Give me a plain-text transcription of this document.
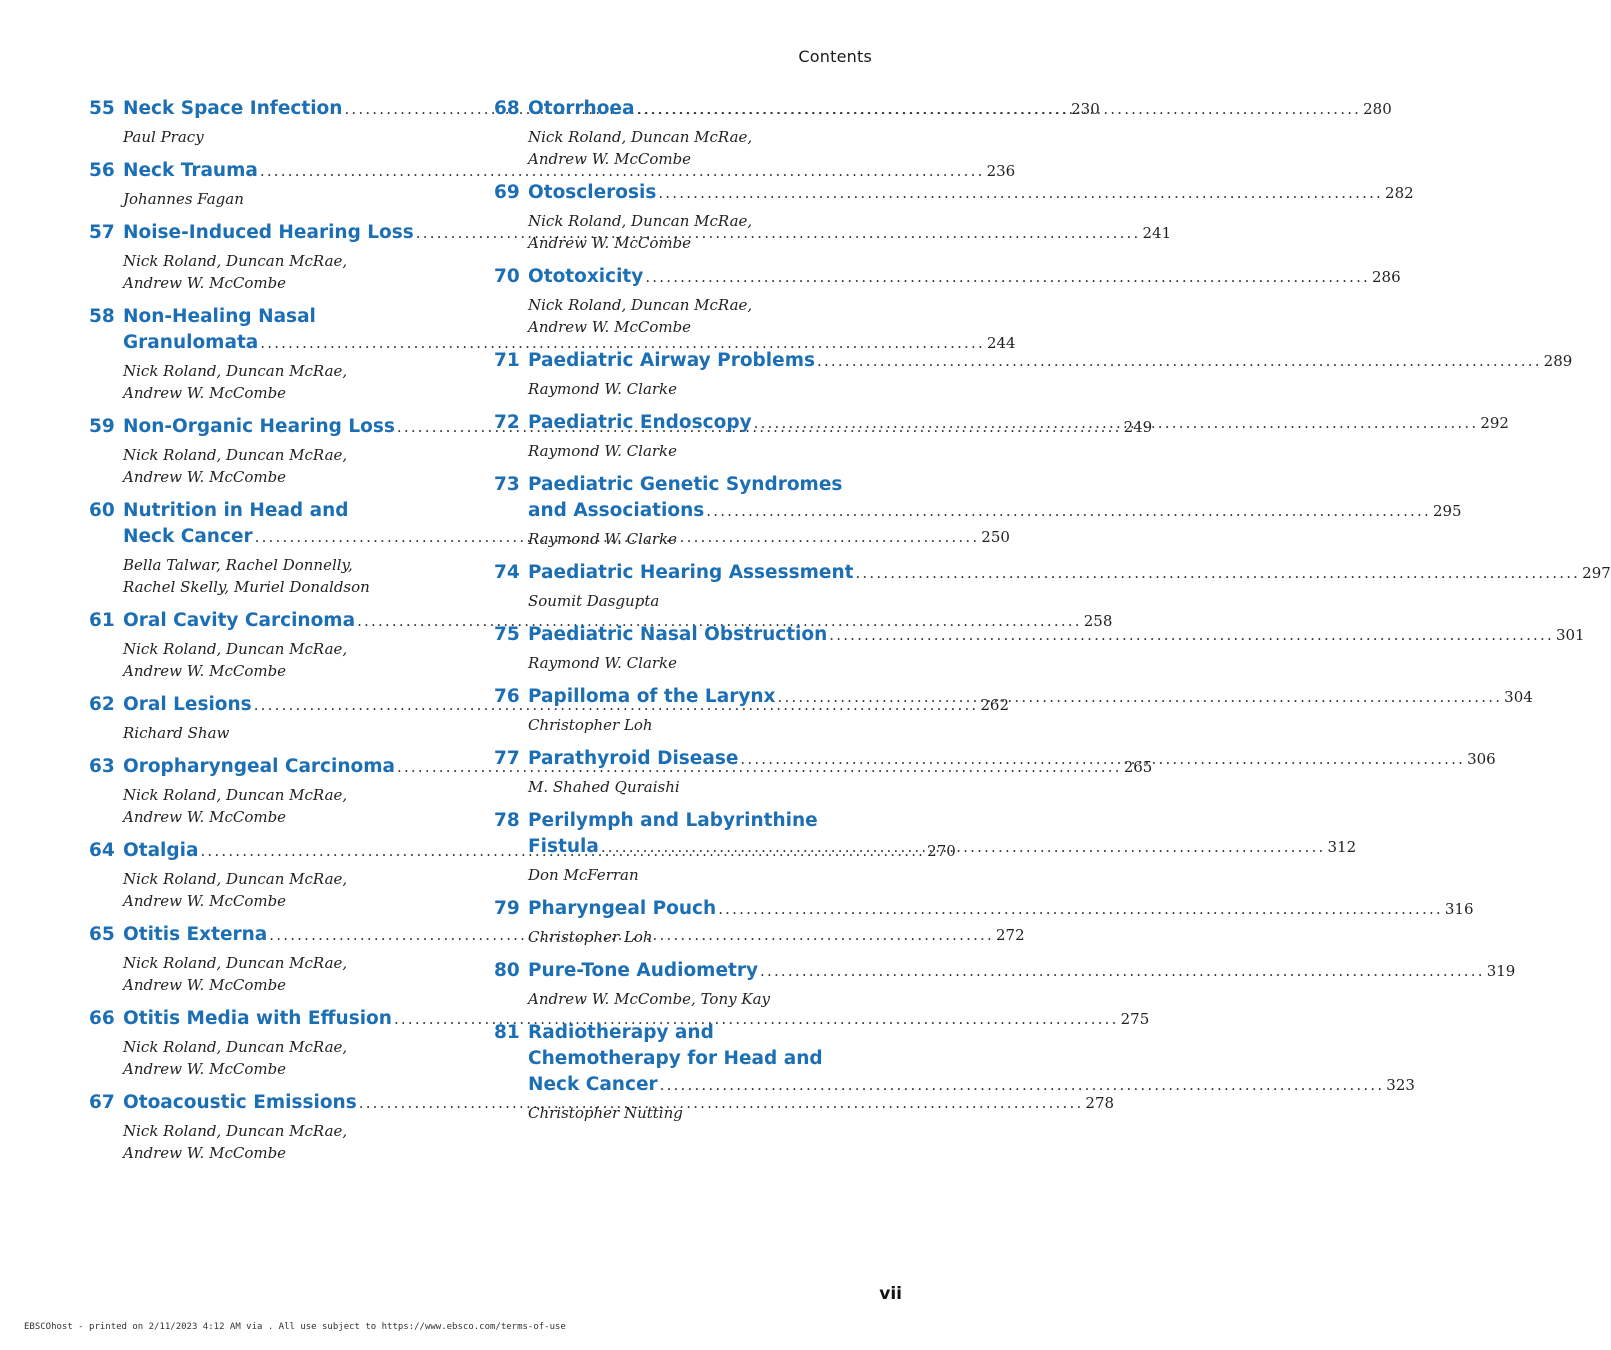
Contents
55 Neck Space Infection .....	230
Paul Pracy
56 Neck Trauma .....	236
Johannes Fagan
57 Noise-Induced Hearing Loss .....	241
Nick Roland, Duncan McRae,
Andrew W. McCombe
58 Non-Healing Nasal
Granulomata .....	244
Nick Roland, Duncan McRae,
Andrew W. McCombe
59 Non-Organic Hearing Loss .....	249
Nick Roland, Duncan McRae,
Andrew W. McCombe
60 Nutrition in Head and
Neck Cancer .....	250
Bella Talwar, Rachel Donnelly,
Rachel Skelly, Muriel Donaldson
61 Oral Cavity Carcinoma .....	258
Nick Roland, Duncan McRae,
Andrew W. McCombe
62 Oral Lesions .....	262
Richard Shaw
63 Oropharyngeal Carcinoma .....	265
Nick Roland, Duncan McRae,
Andrew W. McCombe
64 Otalgia .....	270
Nick Roland, Duncan McRae,
Andrew W. McCombe
65 Otitis Externa .....	272
Nick Roland, Duncan McRae,
Andrew W. McCombe
66 Otitis Media with Effusion .....	275
Nick Roland, Duncan McRae,
Andrew W. McCombe
67 Otoacoustic Emissions .....	278
Nick Roland, Duncan McRae,
Andrew W. McCombe
68 Otorrhoea .....	280
Nick Roland, Duncan McRae,
Andrew W. McCombe
69 Otosclerosis .....	282
Nick Roland, Duncan McRae,
Andrew W. McCombe
70 Ototoxicity .....	286
Nick Roland, Duncan McRae,
Andrew W. McCombe
71 Paediatric Airway Problems .....	289
Raymond W. Clarke
72 Paediatric Endoscopy .....	292
Raymond W. Clarke
73 Paediatric Genetic Syndromes
and Associations .....	295
Raymond W. Clarke
74 Paediatric Hearing Assessment .....	297
Soumit Dasgupta
75 Paediatric Nasal Obstruction .....	301
Raymond W. Clarke
76 Papilloma of the Larynx .....	304
Christopher Loh
77 Parathyroid Disease .....	306
M. Shahed Quraishi
78 Perilymph and Labyrinthine
Fistula .....	312
Don McFerran
79 Pharyngeal Pouch .....	316
Christopher Loh
80 Pure-Tone Audiometry .....	319
Andrew W. McCombe, Tony Kay
81 Radiotherapy and
Chemotherapy for Head and
Neck Cancer .....	323
Christopher Nutting
vii
EBSCOhost - printed on 2/11/2023 4:12 AM via . All use subject to https://www.ebsco.com/terms-of-use
